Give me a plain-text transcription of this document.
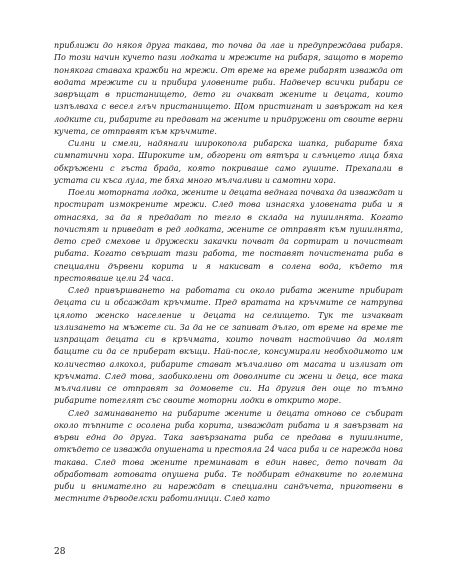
приближи до някоя друга такава, то почва да лае и предупреждава рибаря. По този начин кучето пази лодката и мрежите на рибаря, защото в морето понякога ставаха кражби на мрежи. От време на време рибарят изважда от водата мрежите си и прибира уловените риби. Надвечер всички рибари се завръщат в пристанището, дето ги очакват жените и децата, които изпълваха с весел глъч пристанището. Щом пристигнат и завържат на кея лодките си, рибарите ги предават на жените и придружени от своите верни кучета, се отправят към кръчмите.

Силни и смели, надянали широкопола рибарска шапка, рибарите бяха симпатични хора. Широките им, обгорени от вятъра и слънцето лица бяха обкръжени с гъста брада, която покриваше само гушите. Прехапали в устата си къса лула, те бяха много мълчаливи и самотни хора.

Поели моторната лодка, жените и децата веднага почваха да изваждат и простират измокрените мрежи. След това изнасяха уловената риба и я отнасяха, за да я предадат по тегло в склада на пушилнята. Когато почистят и приведат в ред лодката, жените се отправят към пушилнята, дето сред смехове и дружески закачки почват да сортират и почистват рибата. Когато свършат тази работа, те поставят почистената риба в специални дървени корита и я накисват в солена вода, където тя престояваше цели 24 часа.

След привършването на работата си около рибата жените прибират децата си и обсаждат кръчмите. Пред вратата на кръчмите се натрупва цялото женско население и децата на селището. Тук те изчакват излизането на мъжете си. За да не се запиват дълго, от време на време те изпращат децата си в кръчмата, които почват настойчиво да молят бащите си да се приберат вкъщи. Най-после, консумирали необходимото им количество алкохол, рибарите стават мълчаливо от масата и излизат от кръчмата. След това, заобиколени от доволните си жени и деца, все така мълчаливи се отправят за домовете си. На другия ден още по тъмно рибарите потеглят със своите моторни лодки в открито море.

След заминаването на рибарите жените и децата отново се събират около тъпните с осолена риба корита, изваждат рибата и я завързват на върви една до друга. Така завързаната риба се предава в пушилните, откъдето се изважда опушената и престояла 24 часа риба и се нарежда нова такава. След това жените преминават в един навес, дето почват да обработват готовата опушена риба. Те подбират еднаквите по големина риби и внимателно ги нареждат в специални сандъчета, приготвени в местните дърводелски работилници. След като

28
